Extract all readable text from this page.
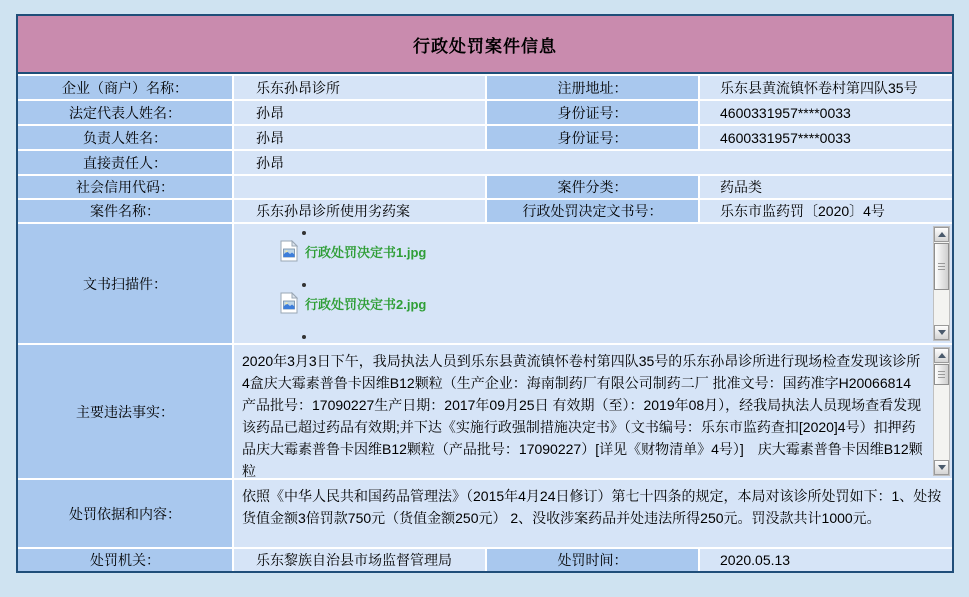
行政处罚案件信息
企业（商户）名称：	乐东孙昂诊所	注册地址：	乐东县黄流镇怀卷村第四队35号
法定代表人姓名：	孙昂	身份证号：	4600331957****0033
负责人姓名：	孙昂	身份证号：	4600331957****0033
直接责任人：	孙昂
社会信用代码：	案件分类：	药品类
案件名称：	乐东孙昂诊所使用劣药案	行政处罚决定文书号：	乐东市监药罚〔2020〕4号
文书扫描件：
行政处罚决定书1.jpg
行政处罚决定书2.jpg
主要违法事实：
2020年3月3日下午，我局执法人员到乐东县黄流镇怀卷村第四队35号的乐东孙昂诊所进行现场检查发现该诊所4盒庆大霉素普鲁卡因维B12颗粒（生产企业：海南制药厂有限公司制药二厂 批准文号：国药准字H20066814 产品批号：17090227生产日期：2017年09月25日 有效期（至）：2019年08月），经我局执法人员现场查看发现该药品已超过药品有效期;并下达《实施行政强制措施决定书》（文书编号：乐东市监药查扣[2020]4号）扣押药品庆大霉素普鲁卡因维B12颗粒（产品批号：17090227）[详见《财物清单》4号）]　庆大霉素普鲁卡因维B12颗粒
处罚依据和内容：
依照《中华人民共和国药品管理法》（2015年4月24日修订）第七十四条的规定，本局对该诊所处罚如下：1、处按货值金额3倍罚款750元（货值金额250元） 2、没收涉案药品并处违法所得250元。罚没款共计1000元。
处罚机关：	乐东黎族自治县市场监督管理局	处罚时间：	2020.05.13
